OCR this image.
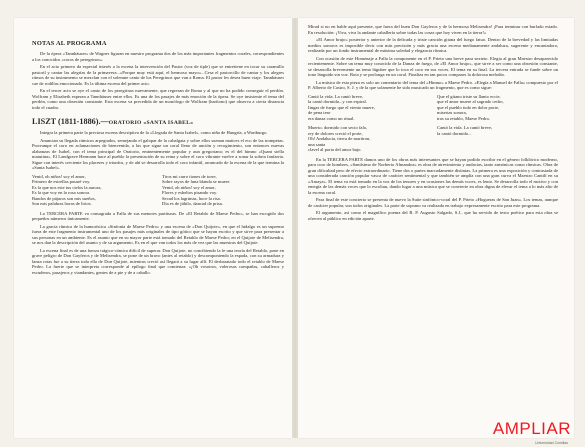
NOTAS AL PROGRAMA

De la ópera «Tannhäuser» de Wagner figuran en nuestro programa dos de los más importantes fragmentos corales, correspondientes a los conocidos «coros de peregrinos».

En el acto primero da especial interés a la escena la intervención del Pastor (voz de tiple) que se entretiene en tocar su caramillo pastoril y cantar las alegrías de la primavera...«Porque muy está aquí, el hermoso mayo»...Cesa el pastorcillo de cantar y los alegres ritmos de su instrumento se mezclan con el solemne canto de los Peregrinos que van a Roma. El pastor les desea buen viaje. Tannhäuser cae de rodillas emocionado. Es la última escena del primer acto.

En el tercer acto se oye el canto de los peregrinos nuevamente, que regresan de Roma y al que no ha podido conseguir el perdón. Wolfram y Elisabeth esperan a Tannhäuser entre ellos. Es una de los pasajes de más emoción de la ópera. Se oye insistente el tema del perdón, como una obsesión constante. Esta escena va precedida de un monólogo de Wolfram (barítono) que observa a cierta distancia todo el cuadro.

LISZT (1811-1886).—ORATORIO «SANTA ISABEL»

Integra la primera parte la preciosa escena descriptiva de la «Llegada de Santa Isabel», como niña de Hungría, a Wartburgo.

Anuncian su llegada ritmicos arpegiados, semejando el galopar de la cabalgata y sobre ellos suenan matices el eco de las trompetas. Prorrumpe el coro en aclamaciones de bienvenida, a las que sigue un coral lleno de unción y recogimiento, son entonces nuevas alabanzas de Isabel, con el tema principal de Oratorio, eminentemente popular y aun gregoriano; es el del himno «Quant stella matutina». El Landgrave Hermann hace al pueblo la presentación de su reina y sobre el coro vibrante vuelve a sonar la sobria fanfarria. Sigue con interés creciente los placeres y triunfos, y de ahí se desarrolla todo el coro infantil, arrancado de la escena de la que termina la «Santa Isabel».

Venid, oh niños! soy el amor,
Primero de estrellas pasaré voy.
Es la que nos este tus cielos la aurora,
Es la que voy en la rosa sonora.
Bandos de pájaros son mis sueños,
Son mis palabras horas de lirios.
Tiros mi carro tiones de torre,
Sobre rayos de luna blanda se muere.
Venid, oh niños! soy el amor,
Flores y esbeltos pisando voy.
Secad los lagrimas, hoce la risa.
Dia es de júbilo, dancad de prisa.

La TERCERA PARTE va consagrada a Falla de sus menores partituras. De «El Retablo de Maese Pedro», se han escogido dos pequeños números únicamente.

La gracia rítmica de la humorística «Sinfonía de Maese Pedro» y una escena de «Don Quijote», en que el hidalgo es un supremo fuera de este fragmento instrumental uno de los pasajes más originales de tipo gótico que se hayan escrito y que sirve para presentar a sus personas en un ambiente. Es el asunto que en su mayor parte está tomado del Retablo de Maese Pedro; en el Quijote de Melisendra, se nos dan la descripción del asunto y de su argumento. Es en el que van todos los más de vez que las muestras del Quijote.

La escena final es de una fuerza trágico-cómica difícil de superar. Don Quijote, no concibiendo la fe una teoría del Retablo, pone en grave peligro de Don Gayferos y de Melisendra, se pone de un bravo (antes al retablo) y descomponiendo la espada, con su armadura y lanza rotas fue a su tierra toda ella de Don Quijote, mientras creció así llegará a su lugar allí. El desbaratado todo el retablo de Maese Pedro. La fuerte que se interpreta corresponde al epílogo final que comienza: «¡Oh vosotros, valerosas compañas, caballeros y escuderos, pasajeros y viandantes, gentes de a pie y de a caballo.

Mirad si no en balde aquí presente, que fuera del buen Don Gayferos y de la hermosa Melisendra! ¡Para terminar con burlado estado. En resolución: ¡Viva, viva la andante caballería sobre todas las cosas que hoy viven en la tierra!»

«El Amor brujo» posterior y anterior de la delicada y triste canción gitana del fuego fatuo. Dentro de la brevedad y las limitadas medios sonoros es imposible decir con más precisión y más gracia una escena medianamente andaluza, sugerente y encantadora, realizada por un fondo instrumental de máxima soledad y elegancia rítmica.

Con ocasión de este Homenaje a Falla la componente en el P. Prieto una breve para sexteto. Elegia al gran Maestro desaparecido recientemente. Sobre un tema muy conocido de la Danza de fuego, de «El Amor brujo», que sirve a ser como una obsesión constante, se desarrolla brevemente un tema lúgubre que lo toca el coro en sus voces. El tema en su final. La tercera entrada se funde sobre un tono lánguido sin voz. Rota y se prolonga en un coral. Finaliza en tan pocos compases la dolorosa melodía.

La música de esta pieza es solo un comentario del tema del «Himno» a Maese Pedro. «Elegía a Manuel de Falla» compuesto por el P. Alberto de Castro, S. J. y de la que solamente he sido musicado un fragmento, que es como sigue:

Cantó la vida. La cantó breve,
la cantó dormida...y con espiral.
Iingas de fuego que el viento muere,
de pena tese
era danza como un ritual.
Muerto, dormido con secto falo,
rey de dolores creció el porte,
Oh! Andalucia, tierra de martiron,
una santa
clavel al porta del amor bajo.
Que el gitano triste su llanto eccie,
que el amor muere al sagrado cedro,
que el pueblo todo en dolor porte,
miserias sonora,
tras su retablo, Maese Pedro.
Cantó la vida. La cantó breve,
la cantó dormido...

En la TERCERA PARTE damos uno de los obras más interesantes que se hayan podido escribir en el género folklórico moderno, para coro de hombres, «Santísimo de Norberto Almandoz» es obra de atrevimiento y audacias, tanto armónicas como rítmicas. Obra de gran dificultad pero de efecto extraordinario. Tiene dos o partes marcadamente distintas. La primera es una exposición y contrastada de una considerada canción popular vasca de carácter sentimental y que también se amplía con una gran curva el Maestro Cantilí en su «Amaya». El tema va está tomado en la voz de los tenores y en ocasiones las demás voces, es lento. Se desarrolla todo el motivo y con energía de las demás voces que lo escoltan, dando lugar a una música que se convierte en obra digna de elevar el tema a lo más alto de la escena coral.

Para final de este concierto se presenta de nuevo la Suite sinfónico-coral del P. Prieto «Hogueras de San Juan». Los temas, aunque de carácter popular, son todos originales. La parte de soprano va realizada en trabajo expresamente escrito para este programa.

El argumento, así como el magnífico poema del R. P. Augusto Salgado, S.J., que ha servido de texto poético para esta obra se ofrecen al público en edición aparte.

AMPLIAR
Universidad Comillas
